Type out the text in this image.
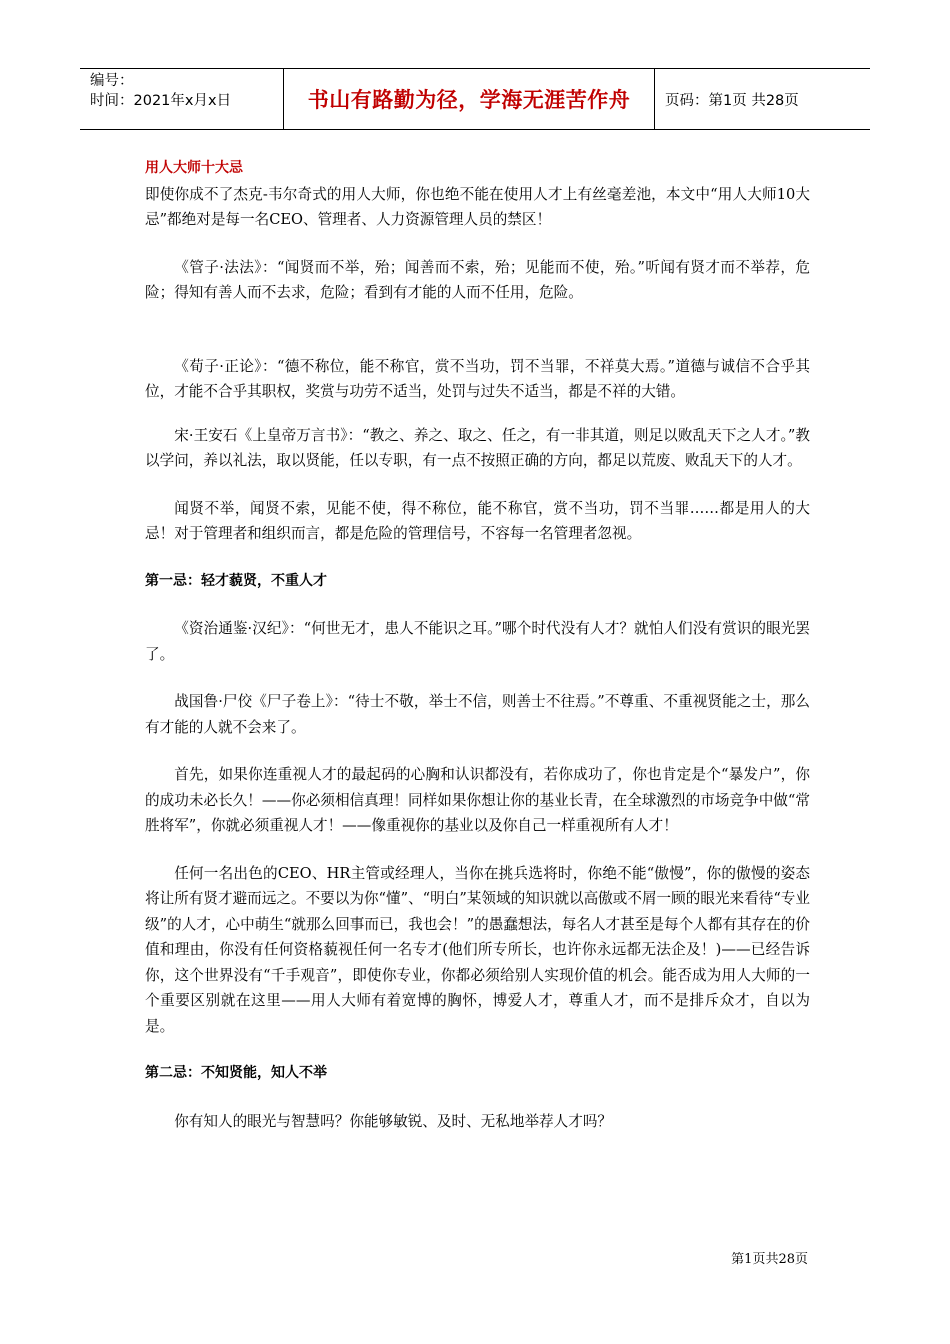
编号：
时间：2021年x月x日	书山有路勤为径，学海无涯苦作舟	页码：第1页 共28页

用人大师十大忌

即使你成不了杰克-韦尔奇式的用人大师，你也绝不能在使用人才上有丝毫差池，本文中“用人大师10大忌”都绝对是每一名CEO、管理者、人力资源管理人员的禁区！

《管子·法法》：“闻贤而不举，殆；闻善而不索，殆；见能而不使，殆。”听闻有贤才而不举荐，危险；得知有善人而不去求，危险；看到有才能的人而不任用，危险。

《荀子·正论》：“德不称位，能不称官，赏不当功，罚不当罪，不祥莫大焉。”道德与诚信不合乎其位，才能不合乎其职权，奖赏与功劳不适当，处罚与过失不适当，都是不祥的大错。

宋·王安石《上皇帝万言书》：“教之、养之、取之、任之，有一非其道，则足以败乱天下之人才。”教以学问，养以礼法，取以贤能，任以专职，有一点不按照正确的方向，都足以荒废、败乱天下的人才。

闻贤不举，闻贤不索，见能不使，得不称位，能不称官，赏不当功，罚不当罪……都是用人的大忌！对于管理者和组织而言，都是危险的管理信号，不容每一名管理者忽视。

第一忌：轻才藐贤，不重人才

《资治通鉴·汉纪》：“何世无才，患人不能识之耳。”哪个时代没有人才？就怕人们没有赏识的眼光罢了。

战国鲁·尸佼《尸子卷上》：“待士不敬，举士不信，则善士不往焉。”不尊重、不重视贤能之士，那么有才能的人就不会来了。

首先，如果你连重视人才的最起码的心胸和认识都没有，若你成功了，你也肯定是个“暴发户”，你的成功未必长久！——你必须相信真理！同样如果你想让你的基业长青，在全球激烈的市场竞争中做“常胜将军”，你就必须重视人才！——像重视你的基业以及你自己一样重视所有人才！

任何一名出色的CEO、HR主管或经理人，当你在挑兵选将时，你绝不能“傲慢”，你的傲慢的姿态将让所有贤才避而远之。不要以为你“懂”、“明白”某领域的知识就以高傲或不屑一顾的眼光来看待“专业级”的人才，心中萌生“就那么回事而已，我也会！”的愚蠢想法，每名人才甚至是每个人都有其存在的价值和理由，你没有任何资格藐视任何一名专才(他们所专所长，也许你永远都无法企及！)——已经告诉你，这个世界没有“千手观音”，即使你专业，你都必须给别人实现价值的机会。能否成为用人大师的一个重要区别就在这里——用人大师有着宽博的胸怀，博爱人才，尊重人才，而不是排斥众才，自以为是。

第二忌：不知贤能，知人不举

你有知人的眼光与智慧吗？你能够敏锐、及时、无私地举荐人才吗？

第1页共28页
